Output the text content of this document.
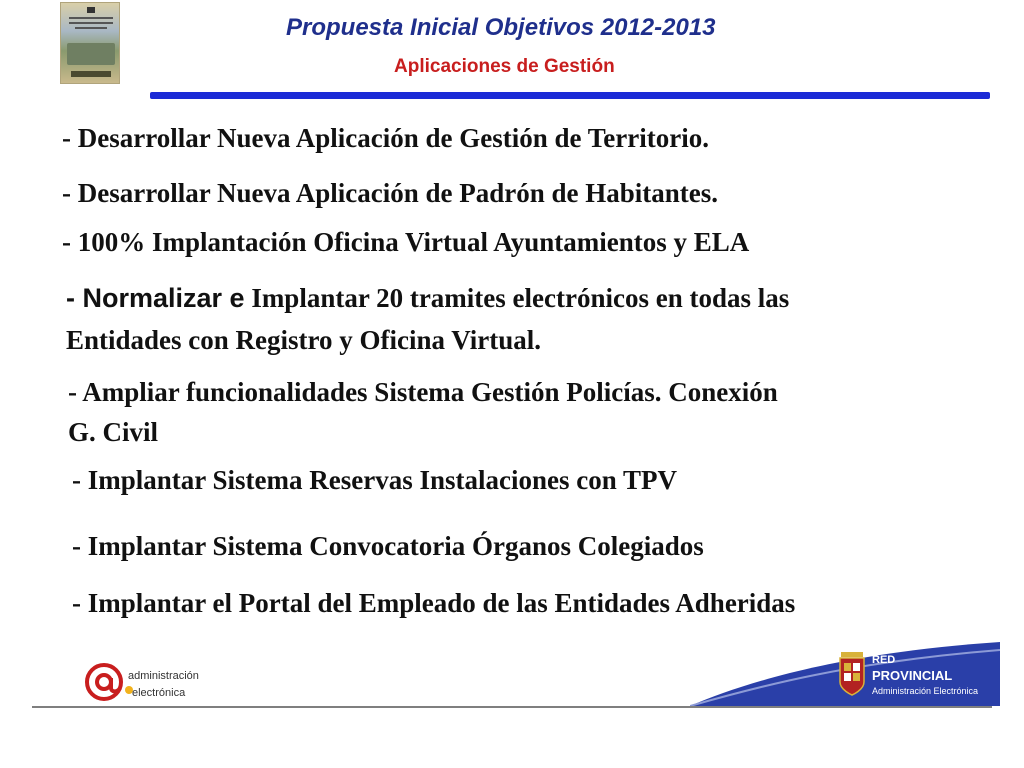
Propuesta Inicial Objetivos 2012-2013
Aplicaciones de Gestión
- Desarrollar Nueva Aplicación de Gestión de Territorio.
- Desarrollar Nueva Aplicación de Padrón de Habitantes.
- 100% Implantación Oficina Virtual Ayuntamientos y ELA
- Normalizar e Implantar 20 tramites electrónicos en todas las
Entidades con Registro y Oficina Virtual.
- Ampliar funcionalidades Sistema Gestión Policías. Conexión
G. Civil
- Implantar Sistema Reservas Instalaciones con TPV
- Implantar Sistema Convocatoria Órganos Colegiados
- Implantar el Portal del Empleado de las Entidades Adheridas
administración
electrónica
RED
PROVINCIAL
Administración Electrónica
